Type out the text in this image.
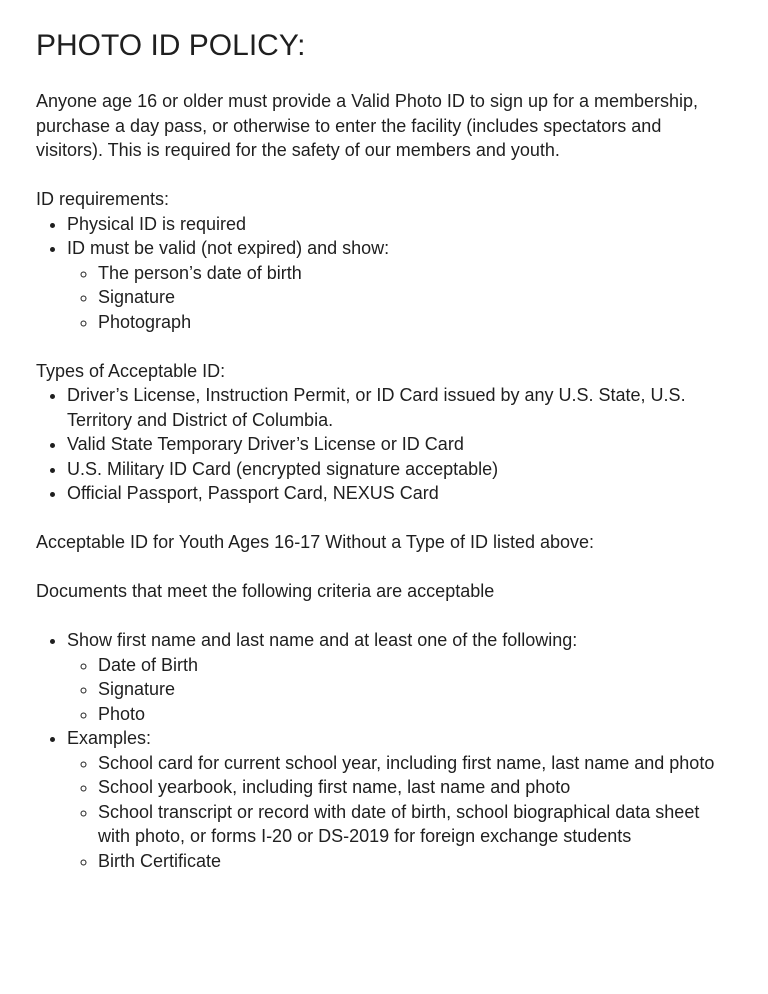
PHOTO ID POLICY:

Anyone age 16 or older must provide a Valid Photo ID to sign up for a membership, purchase a day pass, or otherwise to enter the facility (includes spectators and visitors). This is required for the safety of our members and youth.

ID requirements:

• Physical ID is required
• ID must be valid (not expired) and show:
◦ The person’s date of birth
◦ Signature
◦ Photograph

Types of Acceptable ID:

• Driver’s License, Instruction Permit, or ID Card issued by any U.S. State, U.S. Territory and District of Columbia.
• Valid State Temporary Driver’s License or ID Card
• U.S. Military ID Card (encrypted signature acceptable)
• Official Passport, Passport Card, NEXUS Card

Acceptable ID for Youth Ages 16-17 Without a Type of ID listed above:

Documents that meet the following criteria are acceptable

• Show first name and last name and at least one of the following:
◦ Date of Birth
◦ Signature
◦ Photo
• Examples:
◦ School card for current school year, including first name, last name and photo
◦ School yearbook, including first name, last name and photo
◦ School transcript or record with date of birth, school biographical data sheet with photo, or forms I-20 or DS-2019 for foreign exchange students
◦ Birth Certificate
